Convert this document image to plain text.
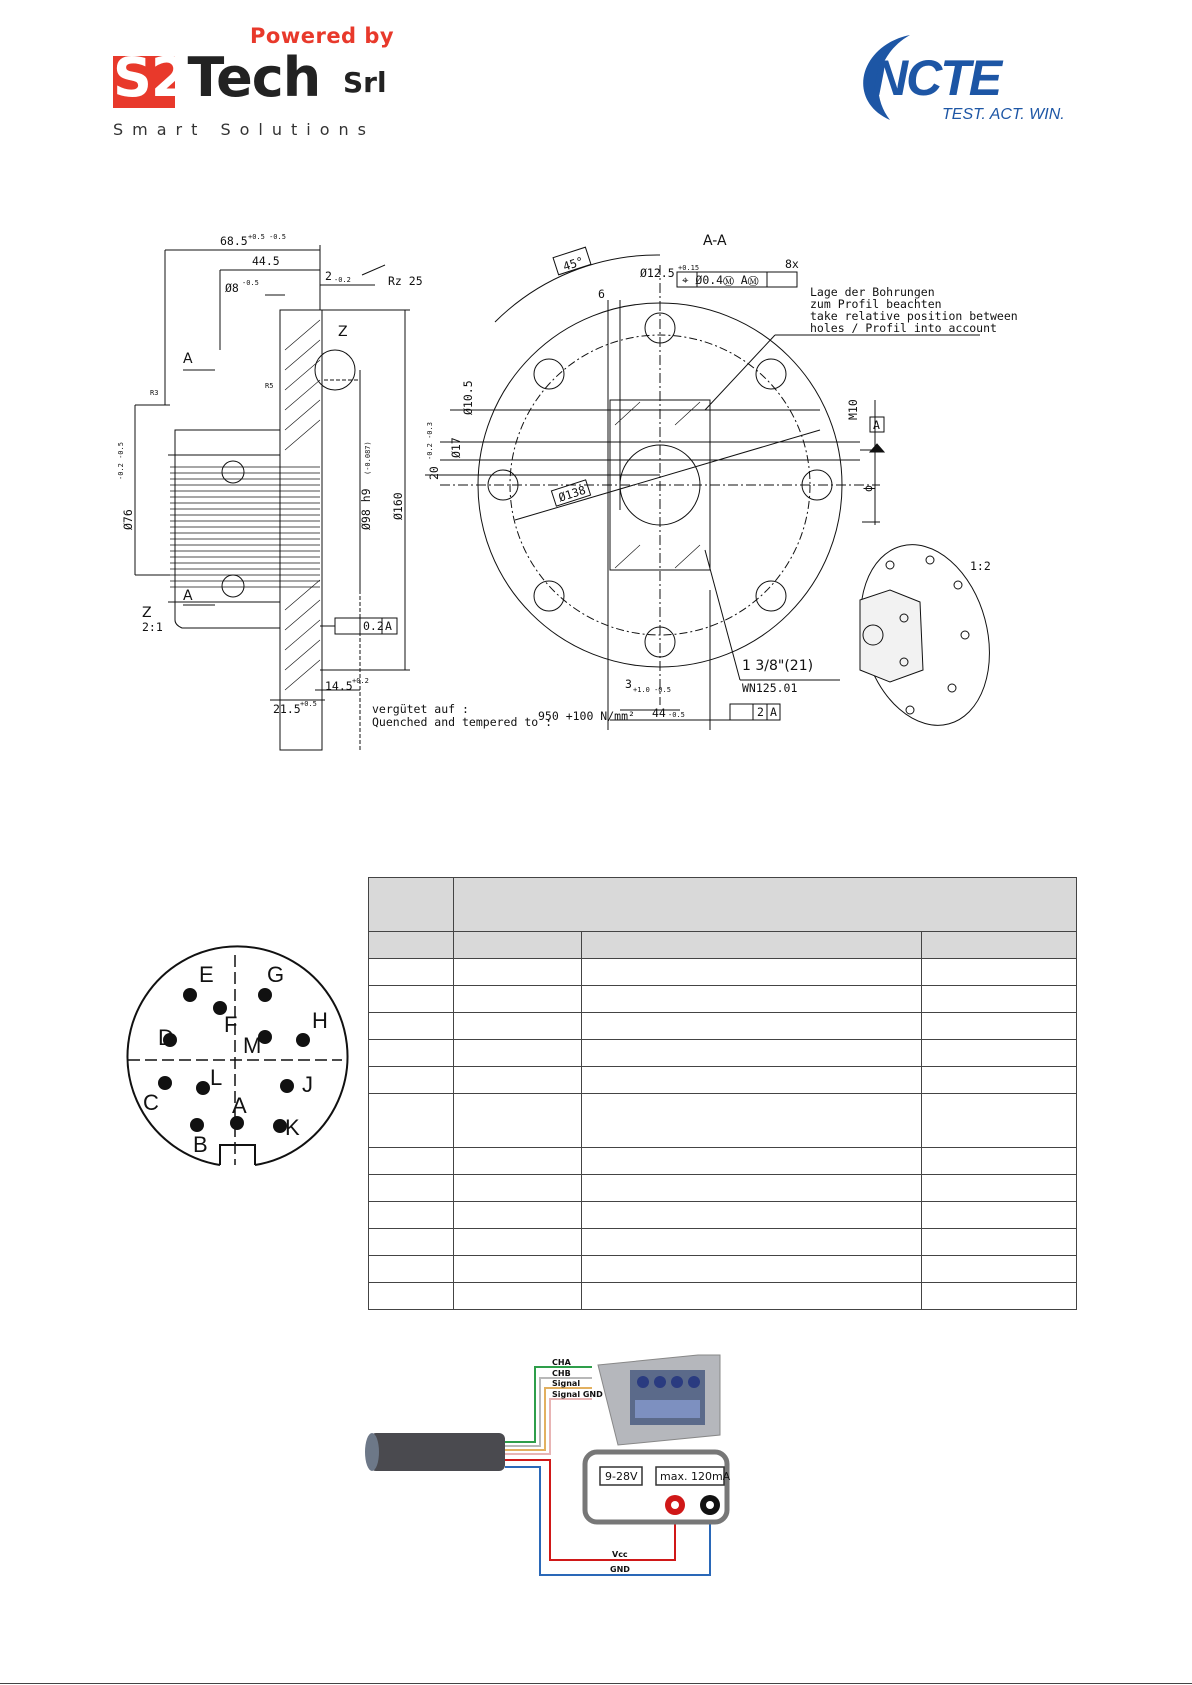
Powered by
S2Tech Srl
Smart Solutions
NCTE
TEST. ACT. WIN.
68.5 +0.5 -0.5
44.5
Ø8 -0.5	2 -0.2	Rz 25
Z
A
A
R3
R5
Ø76
-0.2 -0.5
Ø98 h9
(-0.087)
Ø160
0.2 A
14.5 +0.2
21.5 +0.5
Z
2:1
vergütet auf :
Quenched and tempered to :
950 +100 N/mm²
A-A
45°	Ø12.5 +0.15	8x
⌖ Ø0.4Ⓜ AⓂ
6	Lage der Bohrungen
zum Profil beachten
take relative position between
holes / Profil into account
Ø10.5
Ø17
20
-0.2 -0.3
M10
A
Ø138	ϕ
3 +1.0 -0.5
44 -0.5
1 3/8"(21)
WN125.01
2 A
1:2
E G
F	H
D	M
L	J
C	A
K
B

CHA
CHB
Signal
Signal GND
9-28V max. 120mA
Vcc
GND
